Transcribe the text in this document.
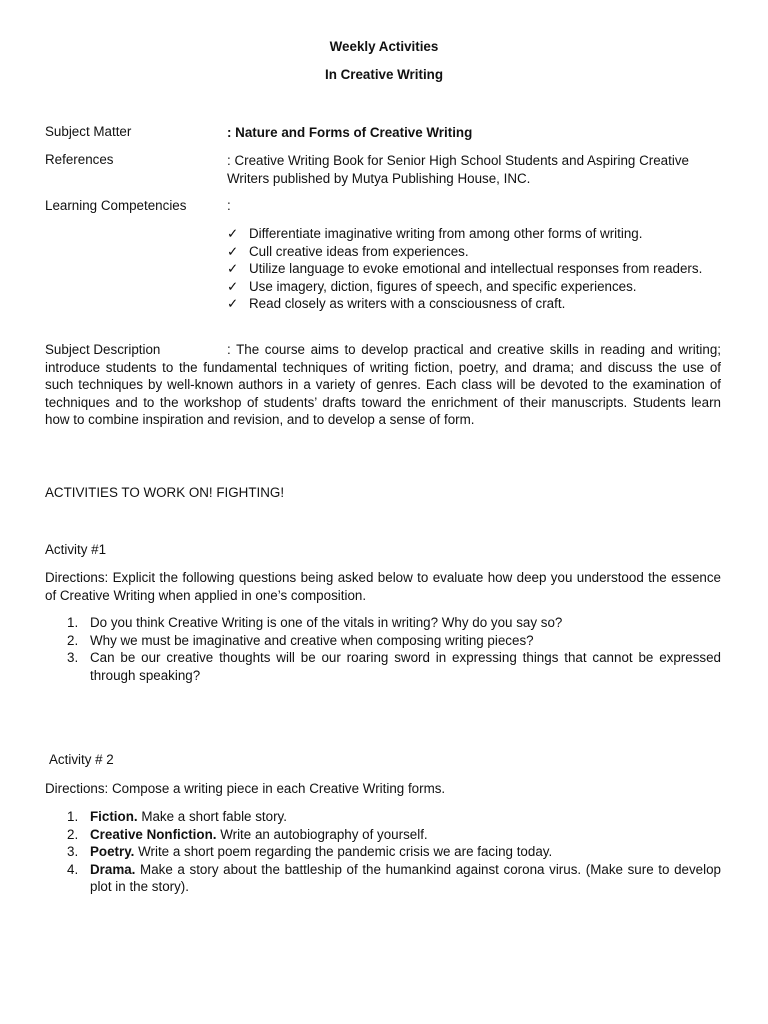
Weekly Activities
In Creative Writing
Subject Matter	: Nature and Forms of Creative Writing
References	: Creative Writing Book for Senior High School Students and Aspiring Creative Writers published by Mutya Publishing House, INC.
Learning Competencies	:
✓ Differentiate imaginative writing from among other forms of writing.
✓ Cull creative ideas from experiences.
✓ Utilize language to evoke emotional and intellectual responses from readers.
✓ Use imagery, diction, figures of speech, and specific experiences.
✓ Read closely as writers with a consciousness of craft.
Subject Description	: The course aims to develop practical and creative skills in reading and writing; introduce students to the fundamental techniques of writing fiction, poetry, and drama; and discuss the use of such techniques by well-known authors in a variety of genres. Each class will be devoted to the examination of techniques and to the workshop of students’ drafts toward the enrichment of their manuscripts. Students learn how to combine inspiration and revision, and to develop a sense of form.
ACTIVITIES TO WORK ON! FIGHTING!
Activity #1
Directions: Explicit the following questions being asked below to evaluate how deep you understood the essence of Creative Writing when applied in one’s composition.
1. Do you think Creative Writing is one of the vitals in writing? Why do you say so?
2. Why we must be imaginative and creative when composing writing pieces?
3. Can be our creative thoughts will be our roaring sword in expressing things that cannot be expressed through speaking?
Activity # 2
Directions: Compose a writing piece in each Creative Writing forms.
1. Fiction. Make a short fable story.
2. Creative Nonfiction. Write an autobiography of yourself.
3. Poetry. Write a short poem regarding the pandemic crisis we are facing today.
4. Drama. Make a story about the battleship of the humankind against corona virus. (Make sure to develop plot in the story).
